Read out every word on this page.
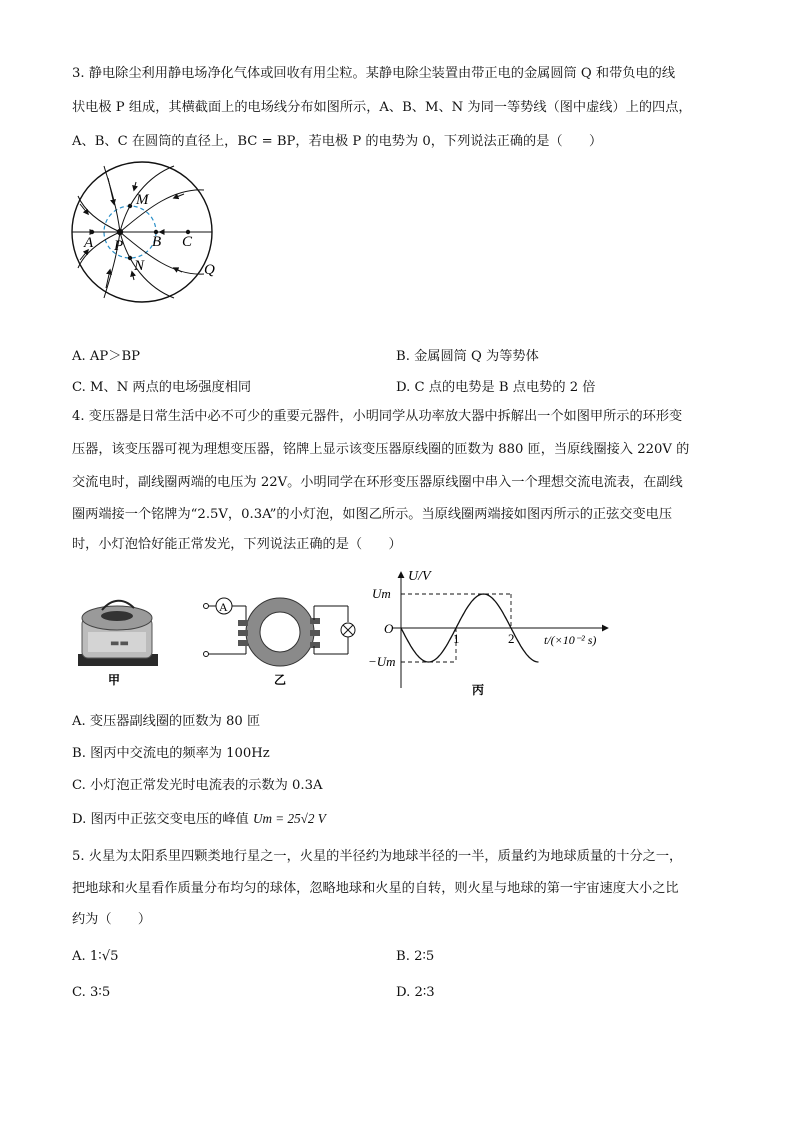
3. 静电除尘利用静电场净化气体或回收有用尘粒。某静电除尘装置由带正电的金属圆筒 Q 和带负电的线
状电极 P 组成，其横截面上的电场线分布如图所示，A、B、M、N 为同一等势线（图中虚线）上的四点，
A、B、C 在圆筒的直径上，BC = BP，若电极 P 的电势为 0，下列说法正确的是（　　）
M
A P B C
N	Q
A. AP＞BP	B. 金属圆筒 Q 为等势体
C. M、N 两点的电场强度相同	D. C 点的电势是 B 点电势的 2 倍
4. 变压器是日常生活中必不可少的重要元器件，小明同学从功率放大器中拆解出一个如图甲所示的环形变
压器，该变压器可视为理想变压器，铭牌上显示该变压器原线圈的匝数为 880 匝，当原线圈接入 220V 的
交流电时，副线圈两端的电压为 22V。小明同学在环形变压器原线圈中串入一个理想交流电流表，在副线
圈两端接一个铭牌为“2.5V，0.3A”的小灯泡，如图乙所示。当原线圈两端接如图丙所示的正弦交变电压
时，小灯泡恰好能正常发光，下列说法正确的是（　　）
▬▬
甲
A
乙
U/V
Um
O
−Um
1	2 t/(×10⁻² s)
丙
A. 变压器副线圈的匝数为 80 匝
B. 图丙中交流电的频率为 100Hz
C. 小灯泡正常发光时电流表的示数为 0.3A
D. 图丙中正弦交变电压的峰值 Um = 25√2 V
5. 火星为太阳系里四颗类地行星之一，火星的半径约为地球半径的一半，质量约为地球质量的十分之一，
把地球和火星看作质量分布均匀的球体，忽略地球和火星的自转，则火星与地球的第一宇宙速度大小之比
约为（　　）
A. 1∶√5	B. 2∶5
C. 3∶5	D. 2∶3
